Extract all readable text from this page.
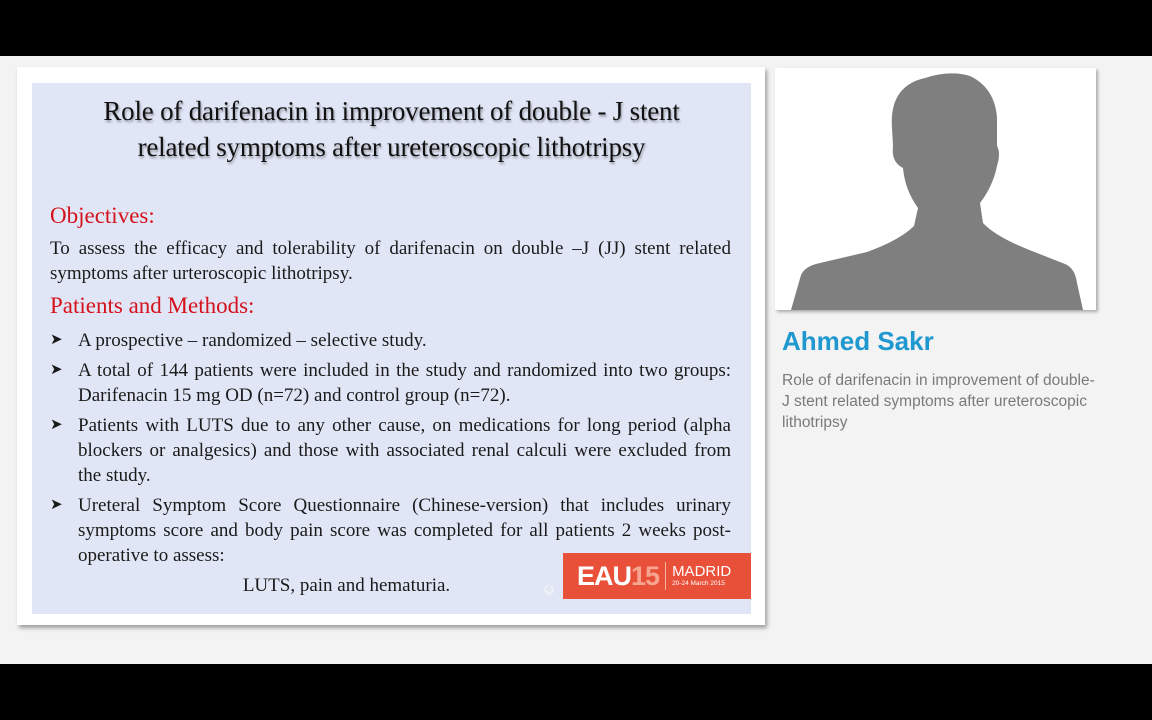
Role of darifenacin in improvement of double - J stent
related symptoms after ureteroscopic lithotripsy
Objectives:
To assess the efficacy and tolerability of darifenacin on double –J (JJ) stent related symptoms after urteroscopic lithotripsy.
Patients and Methods:
➤ A prospective – randomized – selective study.
➤ A total of 144 patients were included in the study and randomized into two groups: Darifenacin 15 mg OD (n=72) and control group (n=72).
➤ Patients with LUTS due to any other cause, on medications for long period (alpha blockers or analgesics) and those with associated renal calculi were excluded from the study.
➤ Ureteral Symptom Score Questionnaire (Chinese-version) that includes urinary symptoms score and body pain score was completed for all patients 2 weeks post-operative to assess:
LUTS, pain and hematuria.	© EAU 15 MADRID
20-24 March 2015
Ahmed Sakr
Role of darifenacin in improvement of double-J stent related symptoms after ureteroscopic lithotripsy
